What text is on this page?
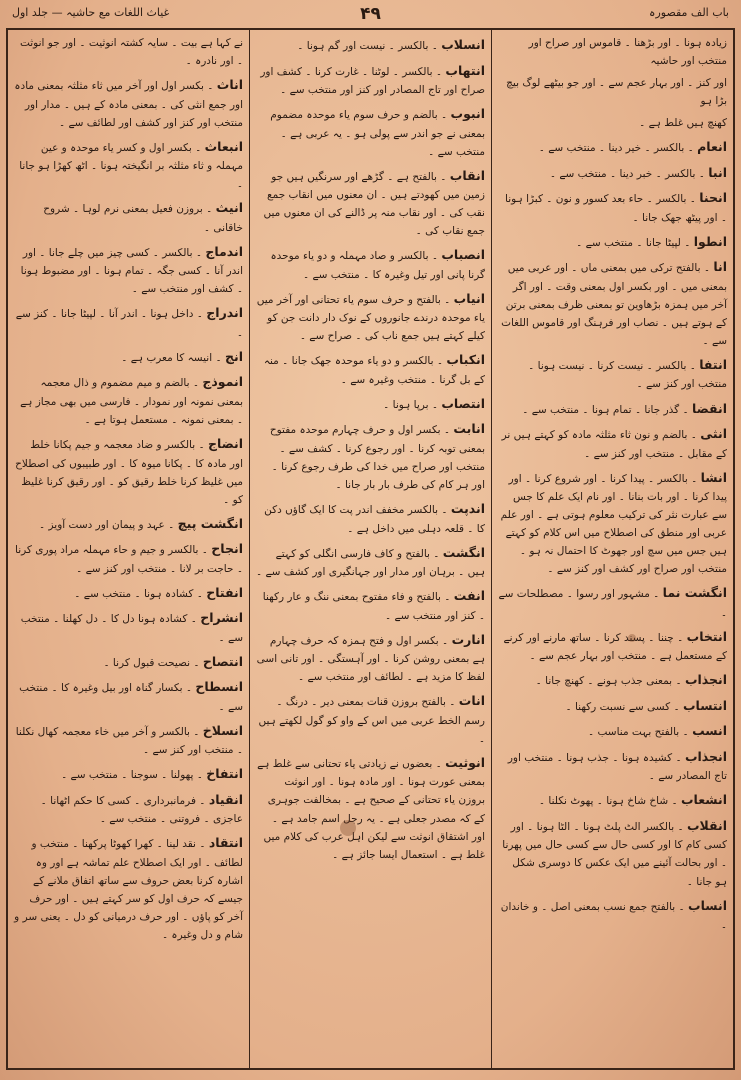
غیاث اللغات مع حاشیہ — جلد اول	۴۹	باب الف مقصورہ

زیادہ ہونا ۔ اور بڑھنا ۔ قاموس اور صراح اور منتخب اور حاشیہ

اور کنز ۔ اور بہار عجم سے ۔ اور جو بیٹھے لوگ بیچ بڑا ہو

کھنچ ہیں غلط ہے ۔

انعام ۔ بالکسر ۔ خیر دینا ۔ منتخب سے ۔

انبا ۔ بالکسر ۔ خبر دینا ۔ منتخب سے ۔

انحنا ۔ بالکسر ۔ حاء بعد کسور و نون ۔ کبڑا ہونا ۔ اور پیٹھ جھک جانا ۔

انطوا ۔ لپیٹا جانا ۔ منتخب سے ۔

انا ۔ بالفتح ترکی میں بمعنی ماں ۔ اور عربی میں بمعنی میں ۔ اور بکسر اول بمعنی وقت ۔ اور اگر آخر میں ہمزہ بڑھاوین تو بمعنی ظرف بمعنی برتن کے ہوتے ہیں ۔ نصاب اور فرہنگ اور قاموس اللغات سے ۔

انتفا ۔ بالکسر ۔ نیست کرنا ۔ نیست ہونا ۔ منتخب اور کنز سے ۔

انقضا ۔ گذر جانا ۔ تمام ہونا ۔ منتخب سے ۔

انثی ۔ بالضم و نون ثاء مثلثہ مادہ کو کہتے ہیں نر کے مقابل ۔ منتخب اور کنز سے ۔

انشا ۔ بالکسر ۔ پیدا کرنا ۔ اور شروع کرنا ۔ اور پیدا کرنا ۔ اور بات بنانا ۔ اور نام ایک علم کا جس سے عبارت نثر کی ترکیب معلوم ہوتی ہے ۔ اور علم عربی اور منطق کی اصطلاح میں اس کلام کو کہتے ہیں جس میں سچ اور جھوٹ کا احتمال نہ ہو ۔ منتخب اور صراح اور کشف اور کنز سے ۔

انگشت نما ۔ مشہور اور رسوا ۔ مصطلحات سے ۔

انتخاب ۔ چننا ۔ پسند کرنا ۔ ساتھ مارنے اور کرنے کے مستعمل ہے ۔ منتخب اور بہار عجم سے ۔

انجذاب ۔ بمعنی جذب ہونے ۔ کھنچ جانا ۔

انتساب ۔ کسی سے نسبت رکھنا ۔

انسب ۔ بالفتح بہت مناسب ۔

انجذاب ۔ کشیدہ ہونا ۔ جذب ہونا ۔ منتخب اور تاج المصادر سے ۔

انشعاب ۔ شاخ شاخ ہونا ۔ پھوٹ نکلنا ۔

انقلاب ۔ بالکسر الٹ پلٹ ہونا ۔ الٹا ہونا ۔ اور کسی کام کا اور کسی حال سے کسی حال میں پھرنا ۔ اور بحالت آئینے میں ایک عکس کا دوسری شکل ہو جانا ۔

انساب ۔ بالفتح جمع نسب بمعنی اصل ۔ و خاندان ۔

انسلاب ۔ بالکسر ۔ نیست اور گم ہونا ۔

انتهاب ۔ بالکسر ۔ لوٹنا ۔ غارت کرنا ۔ کشف اور صراح اور تاج المصادر اور کنز اور منتخب سے ۔

انبوب ۔ بالضم و حرف سوم یاء موحدہ مضموم بمعنی نے جو اندر سے پولی ہو ۔ یہ عربی ہے ۔ منتخب سے ۔

انقاب ۔ بالفتح ہے ۔ گڑھے اور سرنگیں ہیں جو زمین میں کھودتے ہیں ۔ ان معنوں میں انقاب جمع نقب کی ۔ اور نقاب منہ پر ڈالنے کی ان معنوں میں جمع نقاب کی ۔

انصباب ۔ بالکسر و صاد مہملہ و دو یاء موحدہ گرنا پانی اور تیل وغیرہ کا ۔ منتخب سے ۔

انیاب ۔ بالفتح و حرف سوم یاء تحتانی اور آخر میں یاء موحدہ درندے جانوروں کے نوک دار دانت جن کو کیلے کہتے ہیں جمع ناب کی ۔ صراح سے ۔

انکباب ۔ بالکسر و دو یاء موحدہ جھک جانا ۔ منہ کے بل گرنا ۔ منتخب وغیرہ سے ۔

انتصاب ۔ برپا ہونا ۔

انابت ۔ بکسر اول و حرف چہارم موحدہ مفتوح بمعنی توبہ کرنا ۔ اور رجوع کرنا ۔ کشف سے ۔ منتخب اور صراح میں خدا کی طرف رجوع کرنا ۔ اور ہر کام کی طرف بار بار جانا ۔

اندپت ۔ بالکسر مخفف اندر پت کا ایک گاؤں دکن کا ۔ قلعہ دہلی میں داخل ہے ۔

انگشت ۔ بالفتح و کاف فارسی انگلی کو کہتے ہیں ۔ برہان اور مدار اور جہانگیری اور کشف سے ۔

انفت ۔ بالفتح و فاء مفتوح بمعنی ننگ و عار رکھنا ۔ کنز اور منتخب سے ۔

انارت ۔ بکسر اول و فتح ہمزہ کہ حرف چہارم ہے بمعنی روشن کرنا ۔ اور آہستگی ۔ اور تانی اسی لفظ کا مزید ہے ۔ لطائف اور منتخب سے ۔

انات ۔ بالفتح بروزن قنات بمعنی دیر ۔ درنگ ۔ رسم الخط عربی میں اس کے واو کو گول لکھتے ہیں ۔

انوثیت ۔ بعضوں نے زیادتی یاء تحتانی سے غلط ہے بمعنی عورت ہونا ۔ اور مادہ ہونا ۔ اور انوثت بروزن یاء تحتانی کے صحیح ہے ۔ بمخالفت جوہری کے کہ مصدر جعلی ہے ۔ یہ رجل اسم جامد ہے ۔ اور اشتقاق انوثت سے لیکن اہل عرب کی کلام میں غلط ہے ۔ استعمال ایسا جائز ہے ۔

نے کہا ہے بیت ۔ سایہ کشتہ انوثیت ۔ اور جو انوثت ۔ اور نادرہ ۔

اناث ۔ بکسر اول اور آخر میں ثاء مثلثہ بمعنی مادہ اور جمع انثی کی ۔ بمعنی مادہ کے ہیں ۔ مدار اور منتخب اور کنز اور کشف اور لطائف سے ۔

انبعاث ۔ بکسر اول و کسر یاء موحدہ و عین مہملہ و ثاء مثلثہ بر انگیختہ ہونا ۔ اٹھ کھڑا ہو جانا ۔

انیث ۔ بروزن فعیل بمعنی نرم لوہا ۔ شروح خاقانی ۔

اندماج ۔ بالکسر ۔ کسی چیز میں چلے جانا ۔ اور اندر آنا ۔ کسی جگہ ۔ تمام ہونا ۔ اور مضبوط ہونا ۔ کشف اور منتخب سے ۔

اندراج ۔ داخل ہونا ۔ اندر آنا ۔ لپیٹا جانا ۔ کنز سے ۔

انج ۔ انیسہ کا معرب ہے ۔

انموذج ۔ بالضم و میم مضموم و ذال معجمہ بمعنی نمونہ اور نمودار ۔ فارسی میں بھی مجاز ہے ۔ بمعنی نمونہ ۔ مستعمل ہوتا ہے ۔

انضاج ۔ بالکسر و ضاد معجمہ و جیم پکانا خلط اور مادہ کا ۔ پکانا میوہ کا ۔ اور طبیبوں کی اصطلاح میں غلیظ کرنا خلط رقیق کو ۔ اور رقیق کرنا غلیظ کو ۔

انگشت پیچ ۔ عہد و پیمان اور دست آویز ۔

انجاح ۔ بالکسر و جیم و حاء مہملہ مراد پوری کرنا ۔ حاجت بر لانا ۔ منتخب اور کنز سے ۔

انفتاح ۔ کشادہ ہونا ۔ منتخب سے ۔

انشراح ۔ کشادہ ہونا دل کا ۔ دل کھلنا ۔ منتخب سے ۔

انتصاح ۔ نصیحت قبول کرنا ۔

انسطاح ۔ بکسار گناہ اور بیل وغیرہ کا ۔ منتخب سے ۔

انسلاخ ۔ بالکسر و آخر میں خاء معجمہ کھال نکلنا ۔ منتخب اور کنز سے ۔

انتفاخ ۔ پھولنا ۔ سوجنا ۔ منتخب سے ۔

انقیاد ۔ فرمانبرداری ۔ کسی کا حکم اٹھانا ۔ عاجزی ۔ فروتنی ۔ منتخب سے ۔

انتقاد ۔ نقد لینا ۔ کھرا کھوٹا پرکھنا ۔ منتخب و لطائف ۔ اور ایک اصطلاح علم تماشہ ہے اور وہ اشارہ کرنا بعض حروف سے ساتھ اتفاق ملانے کے جیسے کہ حرف اول کو سر کہتے ہیں ۔ اور حرف آخر کو پاؤں ۔ اور حرف درمیانی کو دل ۔ یعنی سر و شام و دل وغیرہ ۔
